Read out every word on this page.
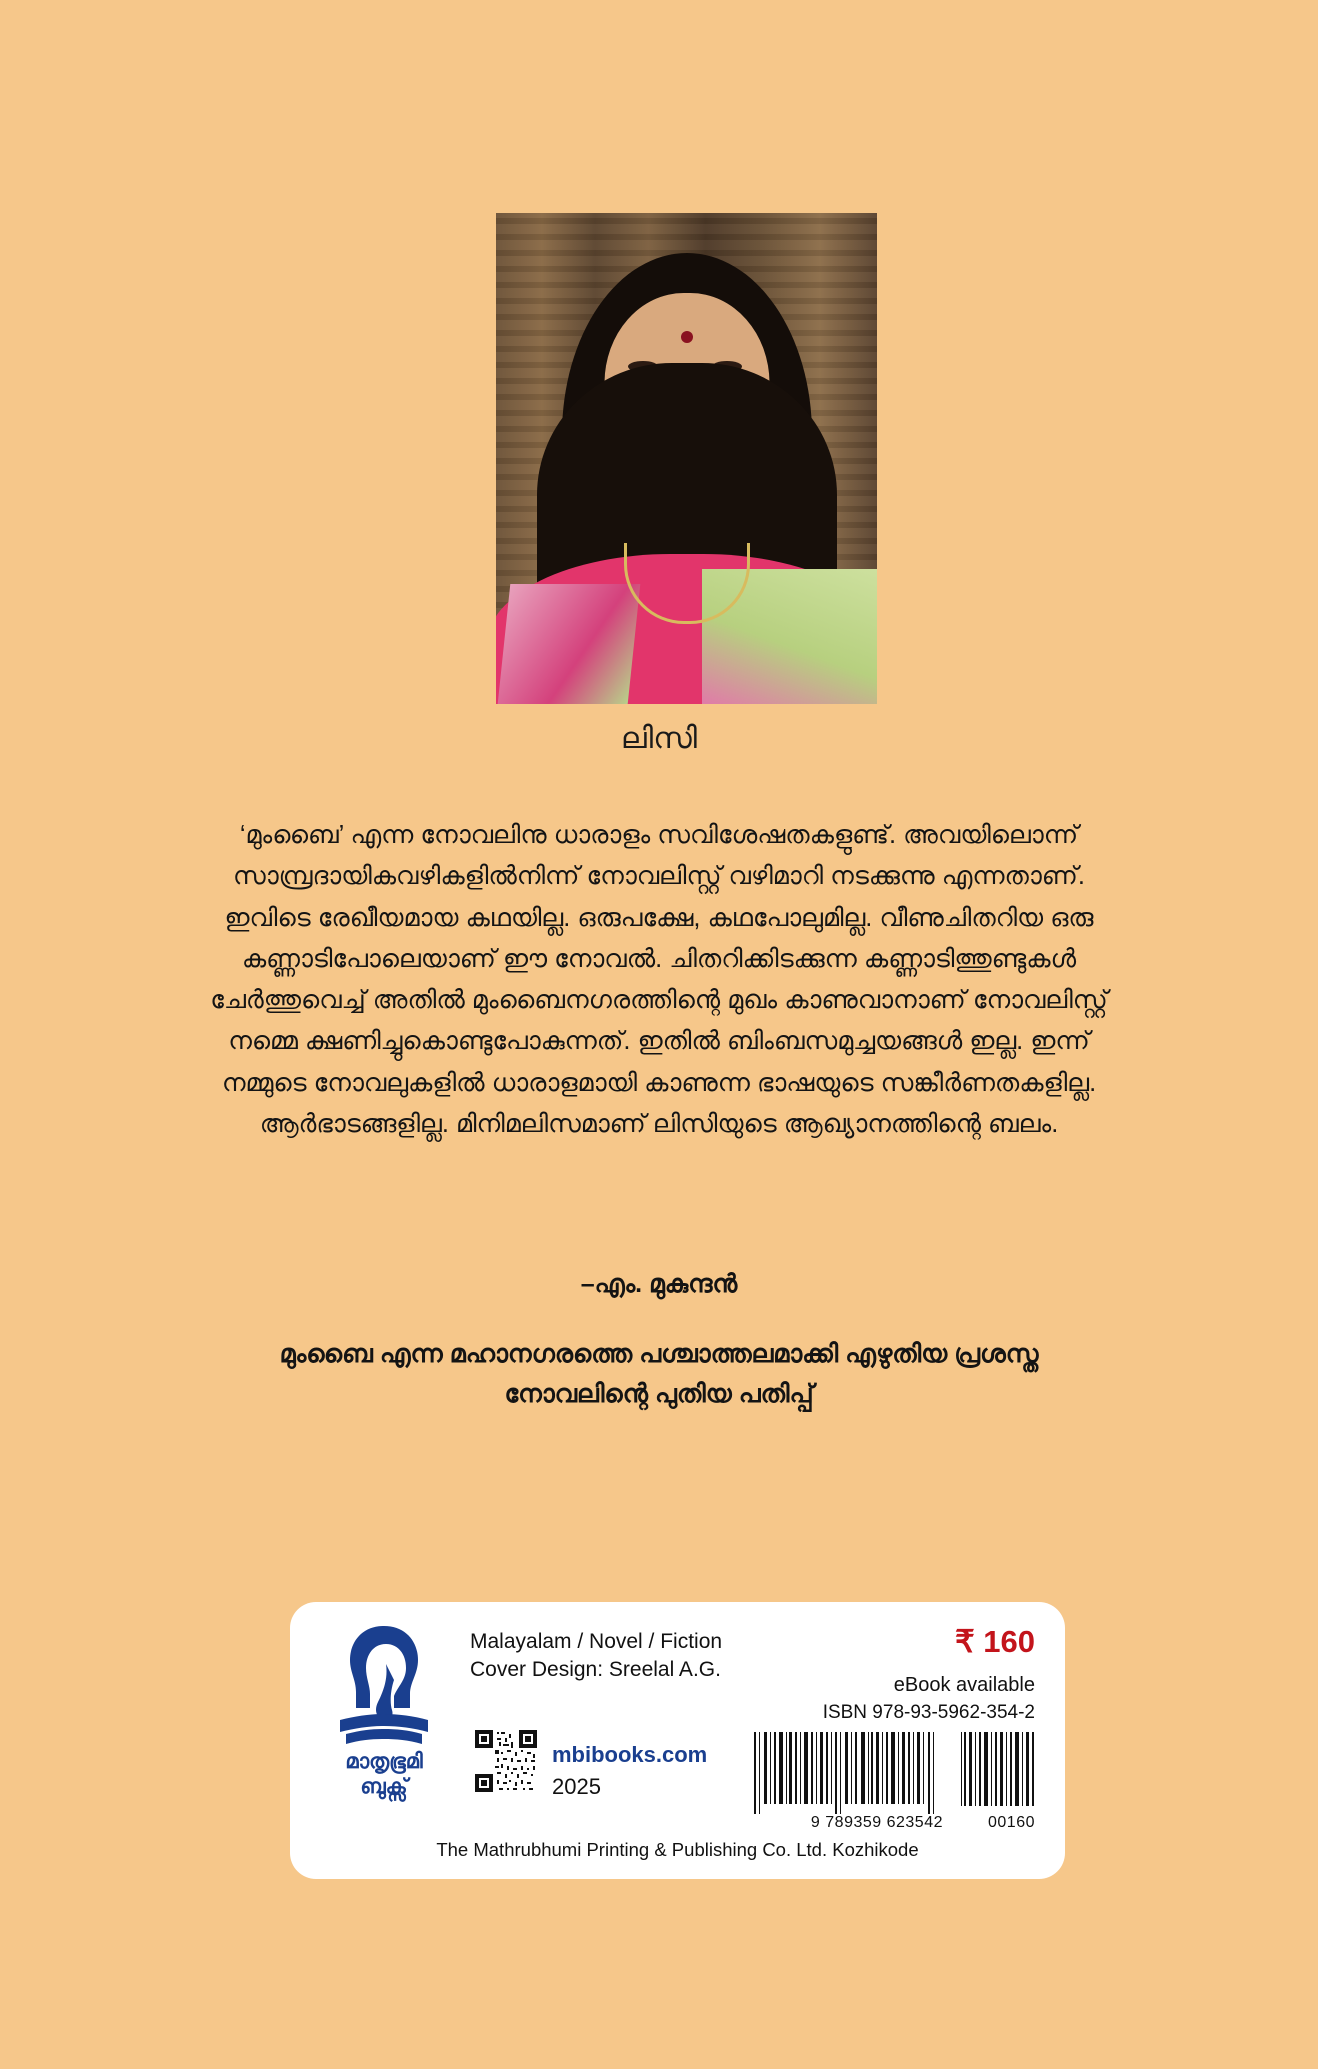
ലിസി
‘മുംബൈ’ എന്ന നോവലിനു ധാരാളം സവിശേഷതകളുണ്ട്. അവയിലൊന്ന് സാമ്പ്രദായികവഴികളിൽനിന്ന് നോവലിസ്റ്റ് വഴിമാറി നടക്കുന്നു എന്നതാണ്. ഇവിടെ രേഖീയമായ കഥയില്ല. ഒരുപക്ഷേ, കഥപോലുമില്ല. വീണുചിതറിയ ഒരു കണ്ണാടിപോലെയാണ് ഈ നോവൽ. ചിതറിക്കിടക്കുന്ന കണ്ണാടിത്തുണ്ടുകൾ ചേർത്തുവെച്ച് അതിൽ മുംബൈനഗരത്തിന്റെ മുഖം കാണുവാനാണ് നോവലിസ്റ്റ് നമ്മെ ക്ഷണിച്ചുകൊണ്ടുപോകുന്നത്. ഇതിൽ ബിംബസമുച്ചയങ്ങൾ ഇല്ല. ഇന്ന് നമ്മുടെ നോവലുകളിൽ ധാരാളമായി കാണുന്ന ഭാഷയുടെ സങ്കീർണതകളില്ല. ആർഭാടങ്ങളില്ല. മിനിമലിസമാണ് ലിസിയുടെ ആഖ്യാനത്തിന്റെ ബലം.
–എം. മുകുന്ദൻ
മുംബൈ എന്ന മഹാനഗരത്തെ പശ്ചാത്തലമാക്കി എഴുതിയ പ്രശസ്ത നോവലിന്റെ പുതിയ പതിപ്പ്
മാതൃഭൂമി
ബുക്സ്
Malayalam / Novel / Fiction
Cover Design: Sreelal A.G.
₹ 160
eBook available
ISBN 978-93-5962-354-2
mbibooks.com
2025
9 789359 623542	00160
The Mathrubhumi Printing & Publishing Co. Ltd. Kozhikode
